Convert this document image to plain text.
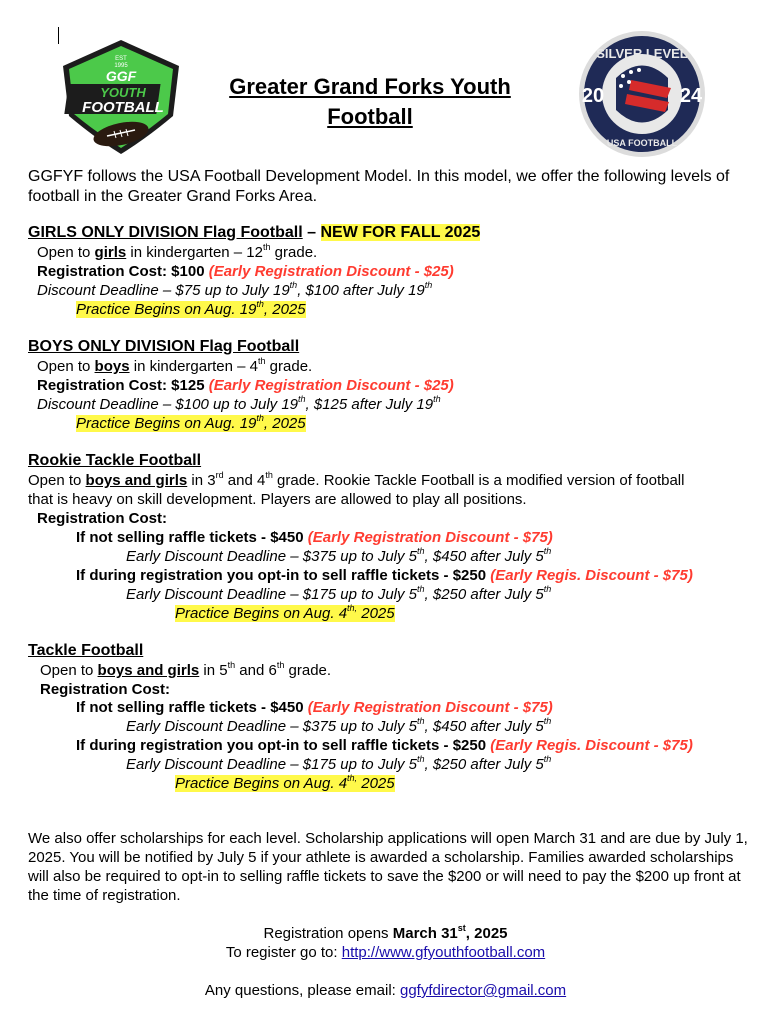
EST
1995
GGF
YOUTH
FOOTBALL
Greater Grand Forks Youth Football
SILVER LEVEL
20	24
USA FOOTBALL
GGFYF follows the USA Football Development Model. In this model, we offer the following levels of football in the Greater Grand Forks Area.
GIRLS ONLY DIVISION Flag Football – NEW FOR FALL 2025
Open to girls in kindergarten – 12th grade.
Registration Cost: $100 (Early Registration Discount - $25)
Discount Deadline – $75 up to July 19th, $100 after July 19th
Practice Begins on Aug. 19th, 2025
BOYS ONLY DIVISION Flag Football
Open to boys in kindergarten – 4th grade.
Registration Cost: $125 (Early Registration Discount - $25)
Discount Deadline – $100 up to July 19th, $125 after July 19th
Practice Begins on Aug. 19th, 2025
Rookie Tackle Football
Open to boys and girls in 3rd and 4th grade. Rookie Tackle Football is a modified version of football
that is heavy on skill development. Players are allowed to play all positions.
Registration Cost:
If not selling raffle tickets - $450 (Early Registration Discount - $75)
Early Discount Deadline – $375 up to July 5th, $450 after July 5th
If during registration you opt-in to sell raffle tickets - $250 (Early Regis. Discount - $75)
Early Discount Deadline – $175 up to July 5th, $250 after July 5th
Practice Begins on Aug. $4^{th,}$ 2025
Tackle Football
Open to boys and girls in 5th and 6th grade.
Registration Cost:
If not selling raffle tickets - $450 (Early Registration Discount - $75)
Early Discount Deadline – $375 up to July 5th, $450 after July 5th
If during registration you opt-in to sell raffle tickets - $250 (Early Regis. Discount - $75)
Early Discount Deadline – $175 up to July 5th, $250 after July 5th
Practice Begins on Aug. $4^{th,}$ 2025
We also offer scholarships for each level. Scholarship applications will open March 31 and are due by July 1, 2025. You will be notified by July 5 if your athlete is awarded a scholarship. Families awarded scholarships will also be required to opt-in to selling raffle tickets to save the $200 or will need to pay the $200 up front at the time of registration.
Registration opens March 31st, 2025
To register go to: http://www.gfyouthfootball.com
Any questions, please email: ggfyfdirector@gmail.com
